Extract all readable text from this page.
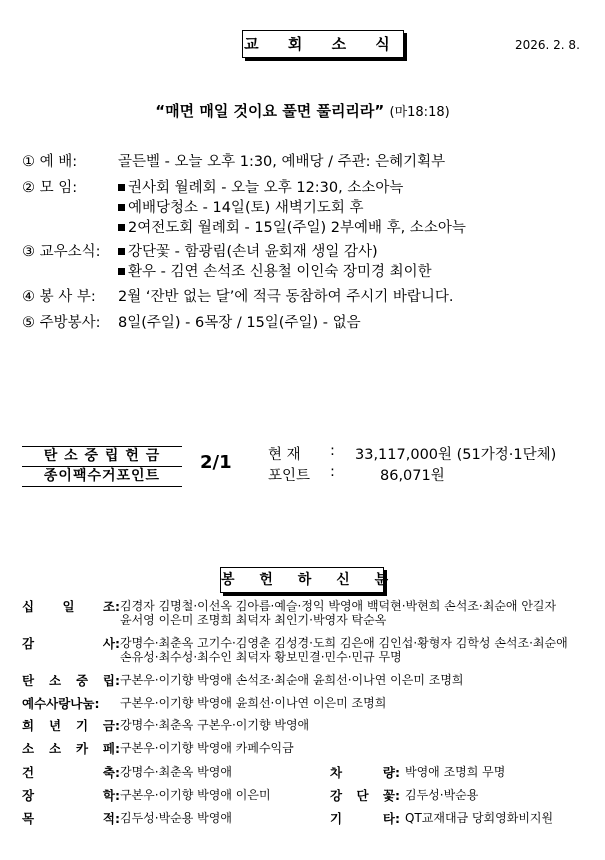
교 회 소 식	2026. 2. 8.
“매면 매일 것이요 풀면 풀리리라” (마18:18)
① 예 배:	골든벨 - 오늘 오후 1:30, 예배당 / 주관: 은혜기획부
② 모 임:	권사회 월례회 - 오늘 오후 12:30, 소소아늑
예배당청소 - 14일(토) 새벽기도회 후
2여전도회 월례회 - 15일(주일) 2부예배 후, 소소아늑
③ 교우소식:	강단꽃 - 함광림(손녀 윤회재 생일 감사)
환우 - 김연 손석조 신용철 이인숙 장미경 최이한
④ 봉 사 부: 2월 ‘잔반 없는 달’에 적극 동참하여 주시기 바랍니다.
⑤ 주방봉사: 8일(주일) - 6목장 / 15일(주일) - 없음
탄 소 중 립 헌 금
종이팩수거포인트
2/1	현 재 : 33,117,000원 (51가정·1단체)
포인트 :	86,071원
봉 헌 하 신 분
십 일 조: 김경자 김명철·이선옥 김아름·예슬·정익 박영애 백덕현·박현희 손석조·최순애 안길자 윤서영 이은미 조명희 최덕자 최인기·박영자 탁순옥
감	사: 강명수·최춘옥 고기수·김영춘 김성경·도희 김은애 김인섭·황형자 김학성 손석조·최순애 손유성·최수성·최수인 최덕자 황보민결·민수·민규 무명
탄 소 중 립: 구본우·이기향 박영애 손석조·최순애 윤희선·이나연 이은미 조명희
예수사랑나눔: 구본우·이기향 박영애 윤희선·이나연 이은미 조명희
희 년 기 금: 강명수·최춘옥 구본우·이기향 박영애
소 소 카 페: 구본우·이기향 박영애 카페수익금
건	축: 강명수·최춘옥 박영애	차	량: 박영애 조명희 무명
장	학: 구본우·이기향 박영애 이은미	강 단 꽃: 김두성·박순용
목	적: 김두성·박순용 박영애	기	타: QT교재대금 당회영화비지원
